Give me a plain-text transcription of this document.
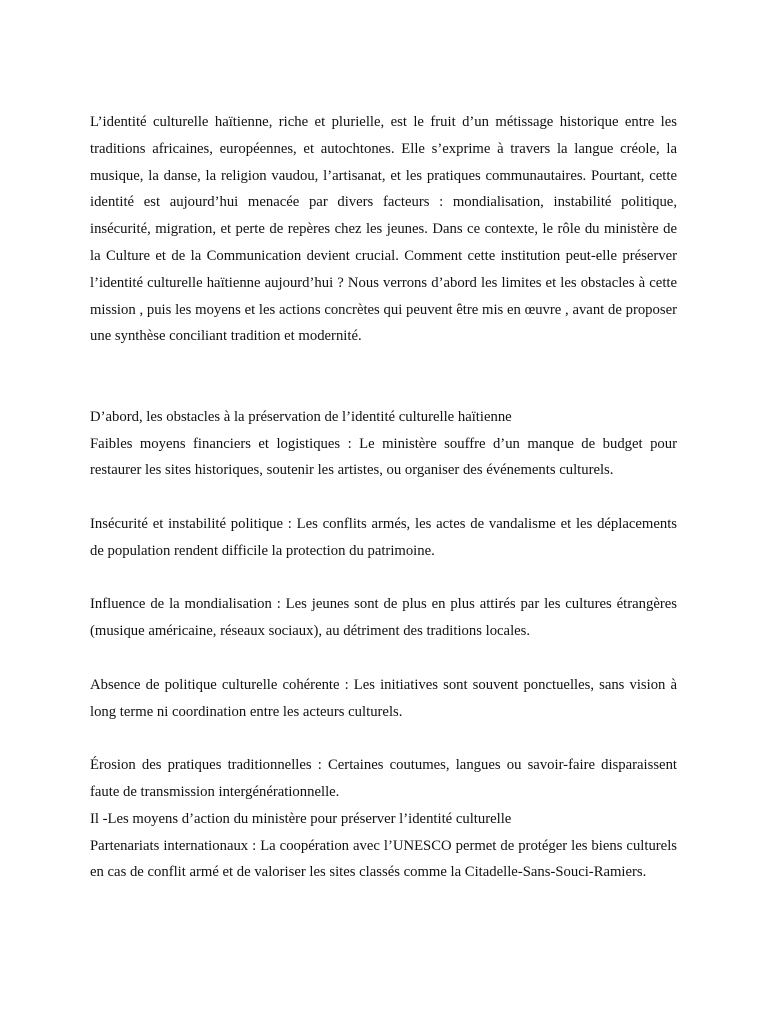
L’identité culturelle haïtienne, riche et plurielle, est le fruit d’un métissage historique entre les traditions africaines, européennes, et autochtones. Elle s’exprime à travers la langue créole, la musique, la danse, la religion vaudou, l’artisanat, et les pratiques communautaires. Pourtant, cette identité est aujourd’hui menacée par divers facteurs : mondialisation, instabilité politique, insécurité, migration, et perte de repères chez les jeunes. Dans ce contexte, le rôle du ministère de la Culture et de la Communication devient crucial. Comment cette institution peut-elle préserver l’identité culturelle haïtienne aujourd’hui ? Nous verrons d’abord les limites et les obstacles à cette mission , puis les moyens et les actions concrètes qui peuvent être mis en œuvre , avant de proposer une synthèse conciliant tradition et modernité.

D’abord, les obstacles à la préservation de l’identité culturelle haïtienne

Faibles moyens financiers et logistiques : Le ministère souffre d’un manque de budget pour restaurer les sites historiques, soutenir les artistes, ou organiser des événements culturels.

Insécurité et instabilité politique : Les conflits armés, les actes de vandalisme et les déplacements de population rendent difficile la protection du patrimoine.

Influence de la mondialisation : Les jeunes sont de plus en plus attirés par les cultures étrangères (musique américaine, réseaux sociaux), au détriment des traditions locales.

Absence de politique culturelle cohérente : Les initiatives sont souvent ponctuelles, sans vision à long terme ni coordination entre les acteurs culturels.

Érosion des pratiques traditionnelles : Certaines coutumes, langues ou savoir-faire disparaissent faute de transmission intergénérationnelle.

Il -Les moyens d’action du ministère pour préserver l’identité culturelle

Partenariats internationaux : La coopération avec l’UNESCO permet de protéger les biens culturels en cas de conflit armé et de valoriser les sites classés comme la Citadelle-Sans-Souci-Ramiers.
